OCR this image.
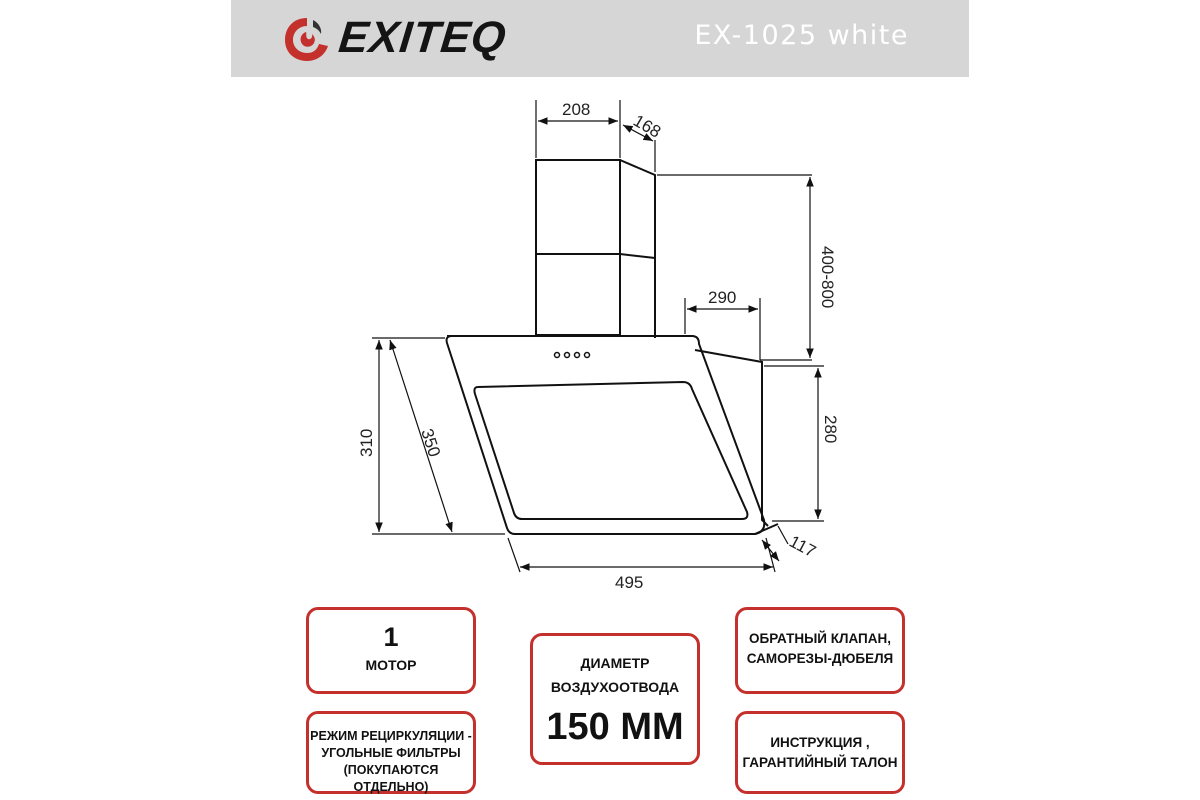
EXITEQ	EX-1025 white
208
168
400-800
290
280
310 350
495
117
1
МОТОР
РЕЖИМ РЕЦИРКУЛЯЦИИ -
УГОЛЬНЫЕ ФИЛЬТРЫ
(ПОКУПАЮТСЯ ОТДЕЛЬНО)
ДИАМЕТР
ВОЗДУХООТВОДА
150 MM
ОБРАТНЫЙ КЛАПАН,
САМОРЕЗЫ-ДЮБЕЛЯ
ИНСТРУКЦИЯ ,
ГАРАНТИЙНЫЙ ТАЛОН
